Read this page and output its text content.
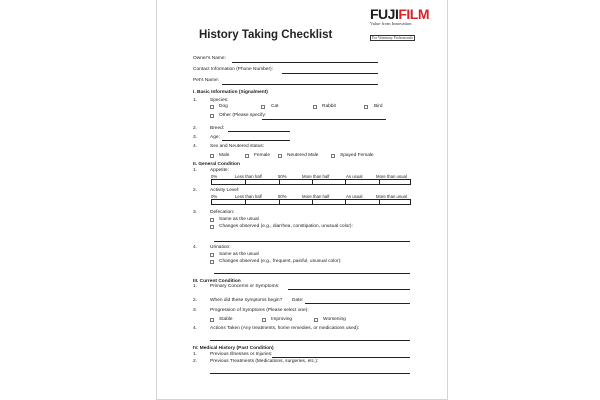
FUJIFILM
Value from Innovation
For Veterinary Professionals
History Taking Checklist
Owner's Name:
Contact Information (Phone Number):
Pet's Name:
I. Basic Information (Signalment)
1.	Species:
Dog	Cat	Rabbit	Bird
Other (Please specify:
2.	Breed:
3.	Age:
4.	Sex and Neutered status:
Male	Female	Neutered Male	Spayed Female
II. General Condition
1.	Appetite:
0%	Less than half	50%	More than half	As usual	More than usual
2.	Activity Level:
0%	Less than half	50%	More than half	As usual	More than usual
3.	Defecation:
Same as the usual
Changes observed (e.g., diarrhea, constipation, unusual color):
4.	Urination:
Same as the usual
Changes observed (e.g., frequent, painful, unusual color):
III. Current Condition
1.	Primary Concerns or Symptoms:
2.	When did these symptoms begin? Date:
3.	Progression of Symptoms (Please select one):
Stable	Improving	Worsening
4.	Actions Taken (Any treatments, home remedies, or medications used):
IV. Medical History (Past Condition)
1.	Previous Illnesses or Injuries:
2.	Previous Treatments (Medications, surgeries, etc.):
